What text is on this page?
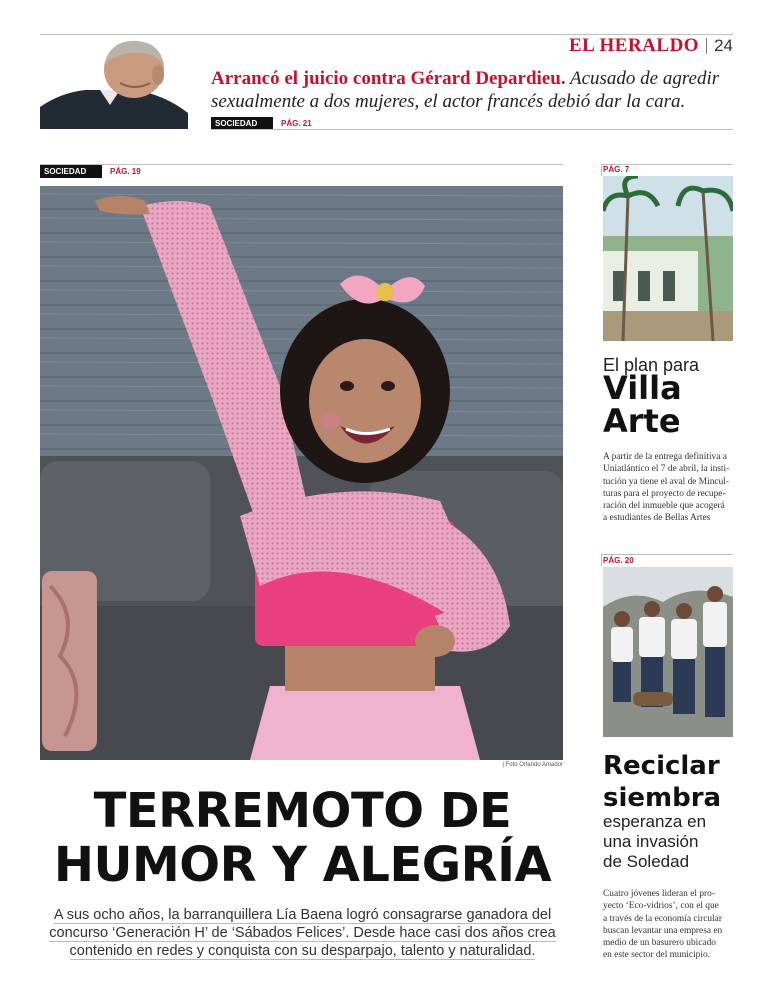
EL HERALDO 24
Arrancó el juicio contra Gérard Depardieu. Acusado de agredir sexualmente a dos mujeres, el actor francés debió dar la cara.
SOCIEDAD	PÁG. 21
SOCIEDAD	PÁG. 19
| Foto Orlando Amador
TERREMOTO DE
HUMOR Y ALEGRÍA
A sus ocho años, la barranquillera Lía Baena logró consagrarse ganadora del
concurso ‘Generación H’ de ‘Sábados Felices’. Desde hace casi dos años crea
contenido en redes y conquista con su desparpajo, talento y naturalidad.
PÁG. 7
El plan para
Villa
Arte
A partir de la entrega definitiva a
Uniatlántico el 7 de abril, la insti-
tución ya tiene el aval de Mincul-
turas para el proyecto de recupe-
ración del inmueble que acogerá
a estudiantes de Bellas Artes
PÁG. 20
Reciclar
siembra
esperanza en
una invasión
de Soledad
Cuatro jóvenes lideran el pro-
yecto ‘Eco-vidrios’, con el que
a través de la economía circular
buscan levantar una empresa en
medio de un basurero ubicado
en este sector del municipio.
